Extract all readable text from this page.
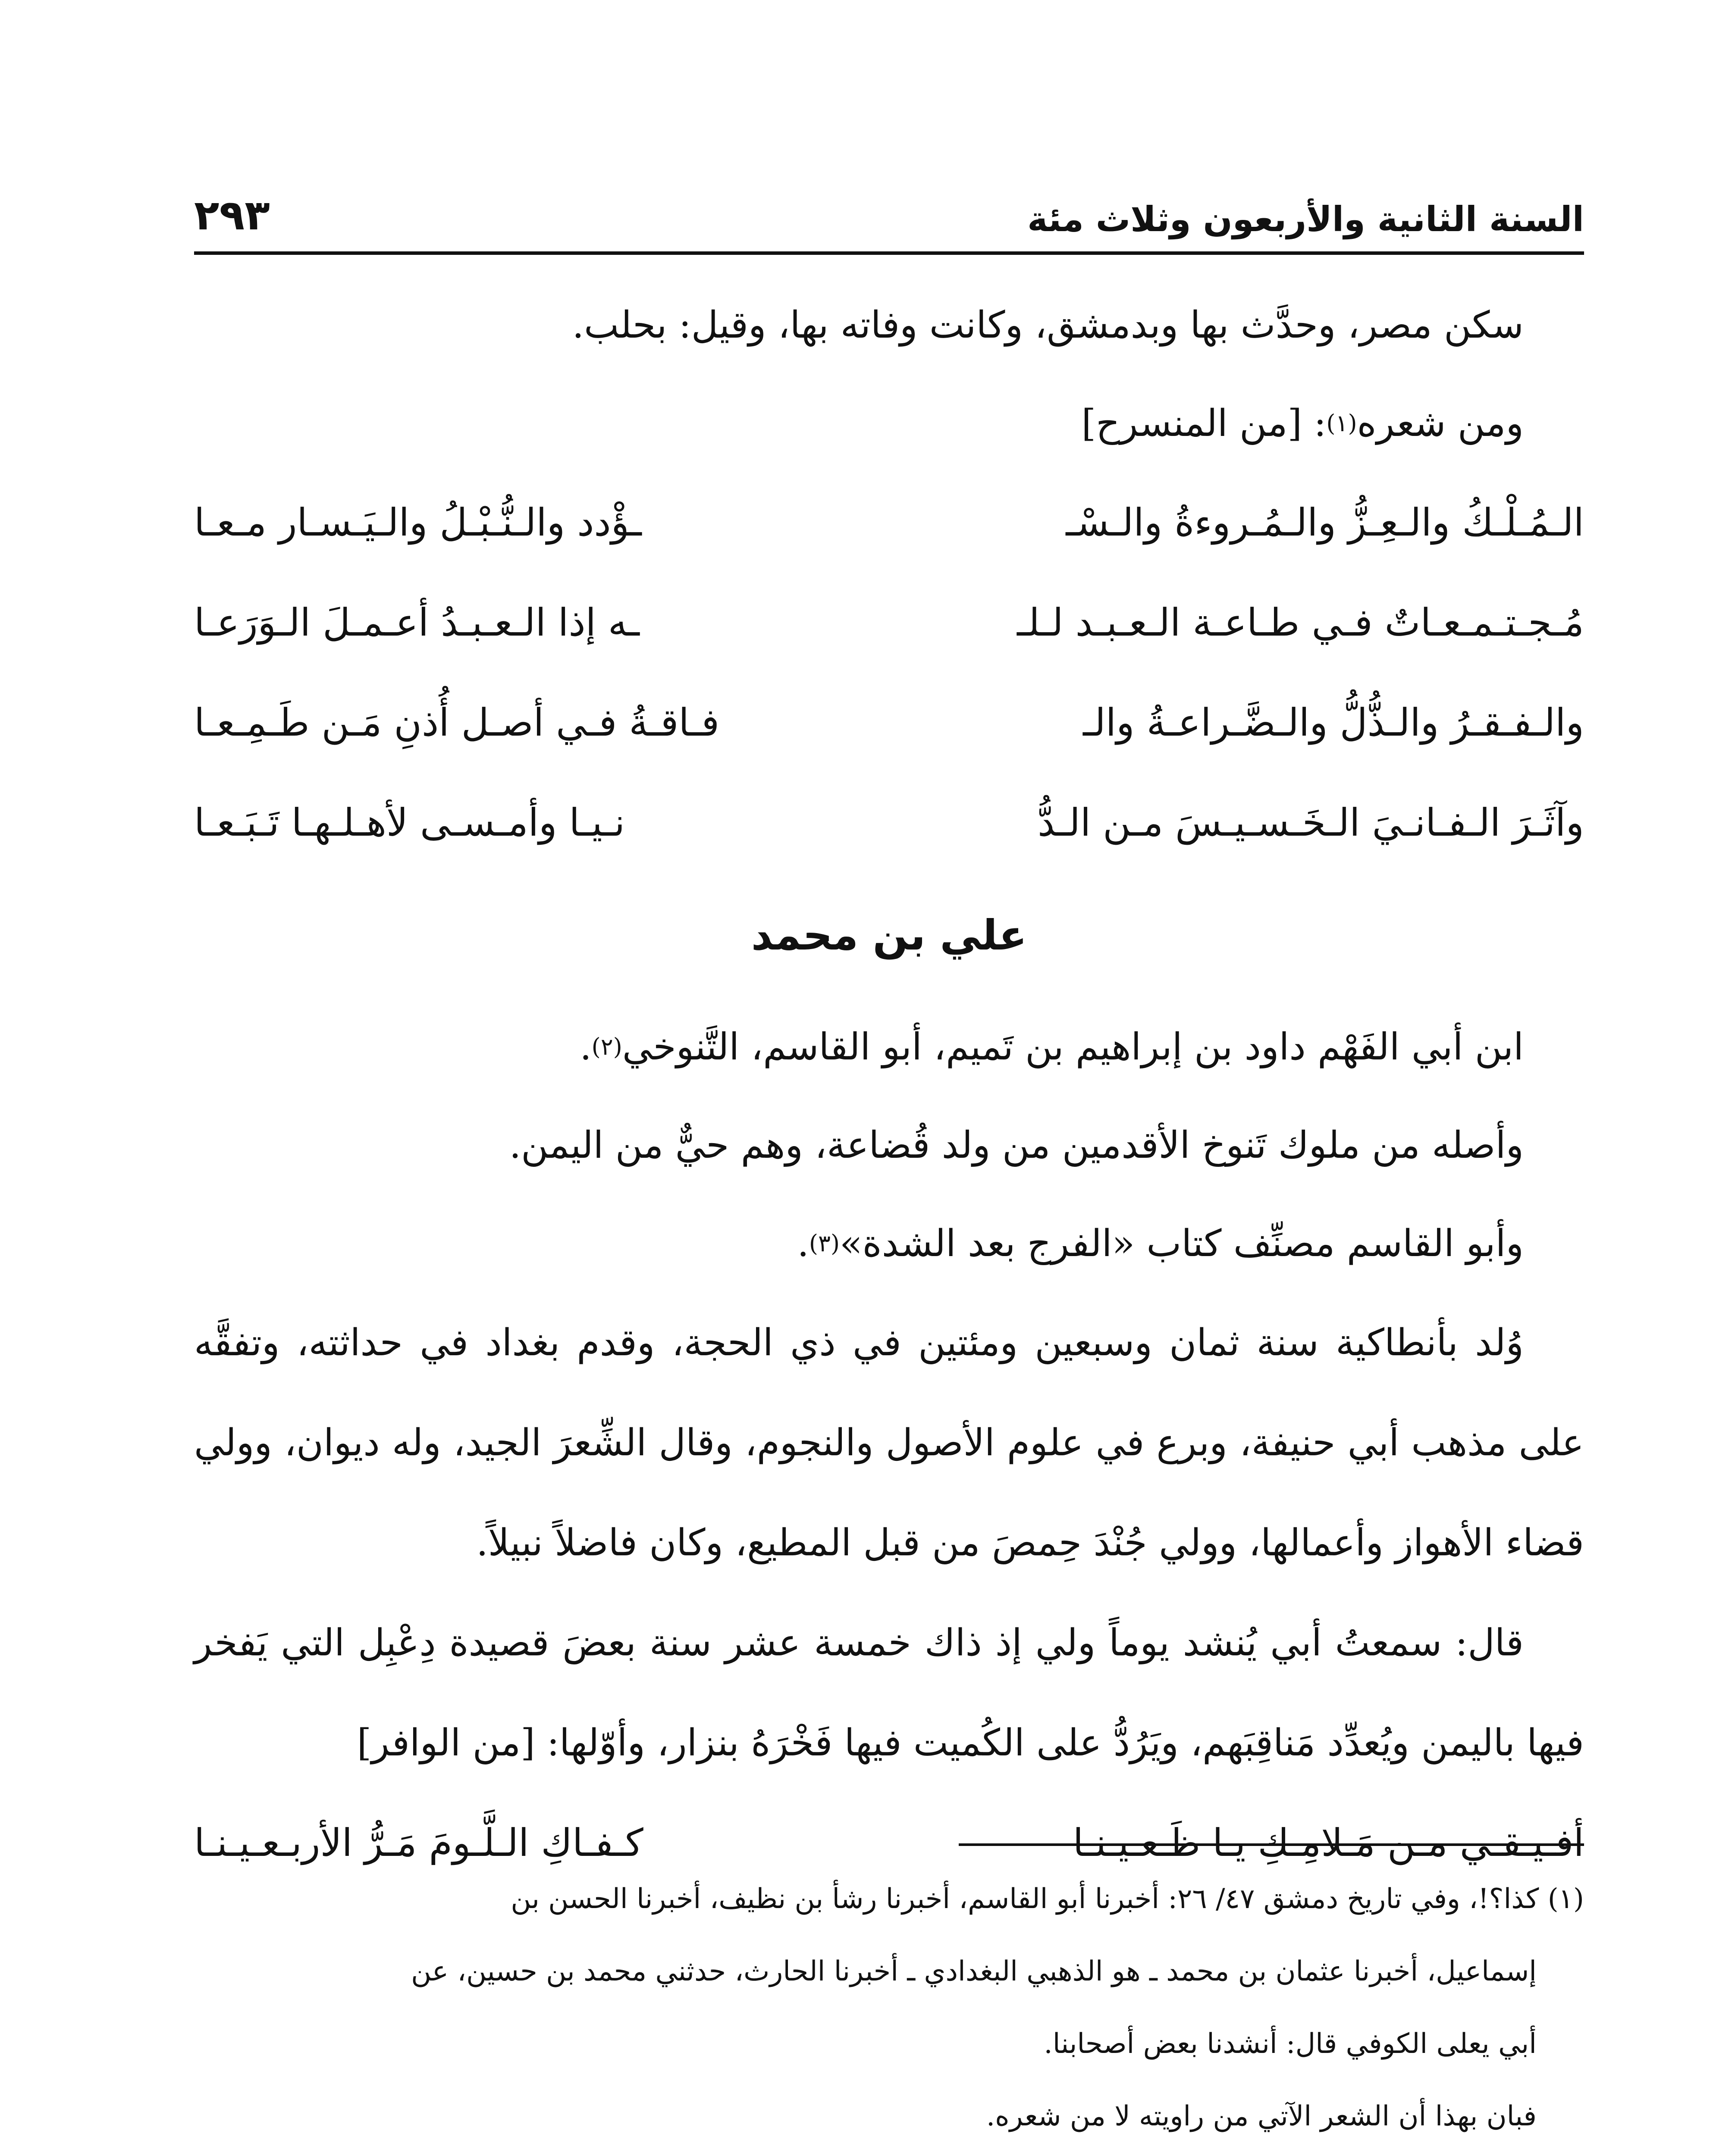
السنة الثانية والأربعون وثلاث مئة
٢٩٣
سكن مصر، وحدَّث بها وبدمشق، وكانت وفاته بها، وقيل: بحلب.
ومن شعره
(١)
: [من المنسرح]
الـمُـلْـكُ والـعِـزُّ والـمُـروءةُ والـسْـ
ـؤْدد والـنُّـبْـلُ والـيَـسـار مـعـا
مُـجـتـمـعـاتٌ فـي طـاعـة الـعـبـد لـلـ
ـه إذا الـعـبـدُ أعـمـلَ الـوَرَعـا
والـفـقـرُ والـذُّلُّ والـضَّـراعـةُ والـ
فـاقـةُ فـي أصـل أُذنِ مَـن طَـمِـعـا
وآثَـرَ الـفـانـيَ الـخَـسـيـسَ مـن الـدُّ
نـيـا وأمـسـى لأهـلـهـا تَـبَـعـا
علي بن محمد
ابن أبي الفَهْم داود بن إبراهيم بن تَميم، أبو القاسم، التَّنوخي
(٢)
.
وأصله من ملوك تَنوخ الأقدمين من ولد قُضاعة، وهم حيٌّ من اليمن.
وأبو القاسم مصنِّف كتاب «الفرج بعد الشدة»
(٣)
.

وُلد بأنطاكية سنة ثمان وسبعين ومئتين في ذي الحجة، وقدم بغداد في حداثته، وتفقَّه على مذهب أبي حنيفة، وبرع في علوم الأصول والنجوم، وقال الشِّعرَ الجيد، وله ديوان، وولي قضاء الأهواز وأعمالها، وولي جُنْدَ حِمصَ من قبل المطيع، وكان فاضلاً نبيلاً.

قال: سمعتُ أبي يُنشد يوماً ولي إذ ذاك خمسة عشر سنة بعضَ قصيدة دِعْبِل التي يَفخر فيها باليمن ويُعدِّد مَناقِبَهم، ويَرُدُّ على الكُميت فيها فَخْرَهُ بنزار، وأوّلها: [من الوافر]

أفـيـقـي مـن مَـلامِـكِ يـا ظَـعـيـنـا
كـفـاكِ الـلَّـومَ مَـرُّ الأربـعـيـنـا

(١) كذا؟!، وفي تاريخ دمشق ٤٧/ ٢٦: أخبرنا أبو القاسم، أخبرنا رشأ بن نظيف، أخبرنا الحسن بن

إسماعيل، أخبرنا عثمان بن محمد ـ هو الذهبي البغدادي ـ أخبرنا الحارث، حدثني محمد بن حسين، عن

أبي يعلى الكوفي قال: أنشدنا بعض أصحابنا.

فبان بهذا أن الشعر الآتي من راويته لا من شعره.
